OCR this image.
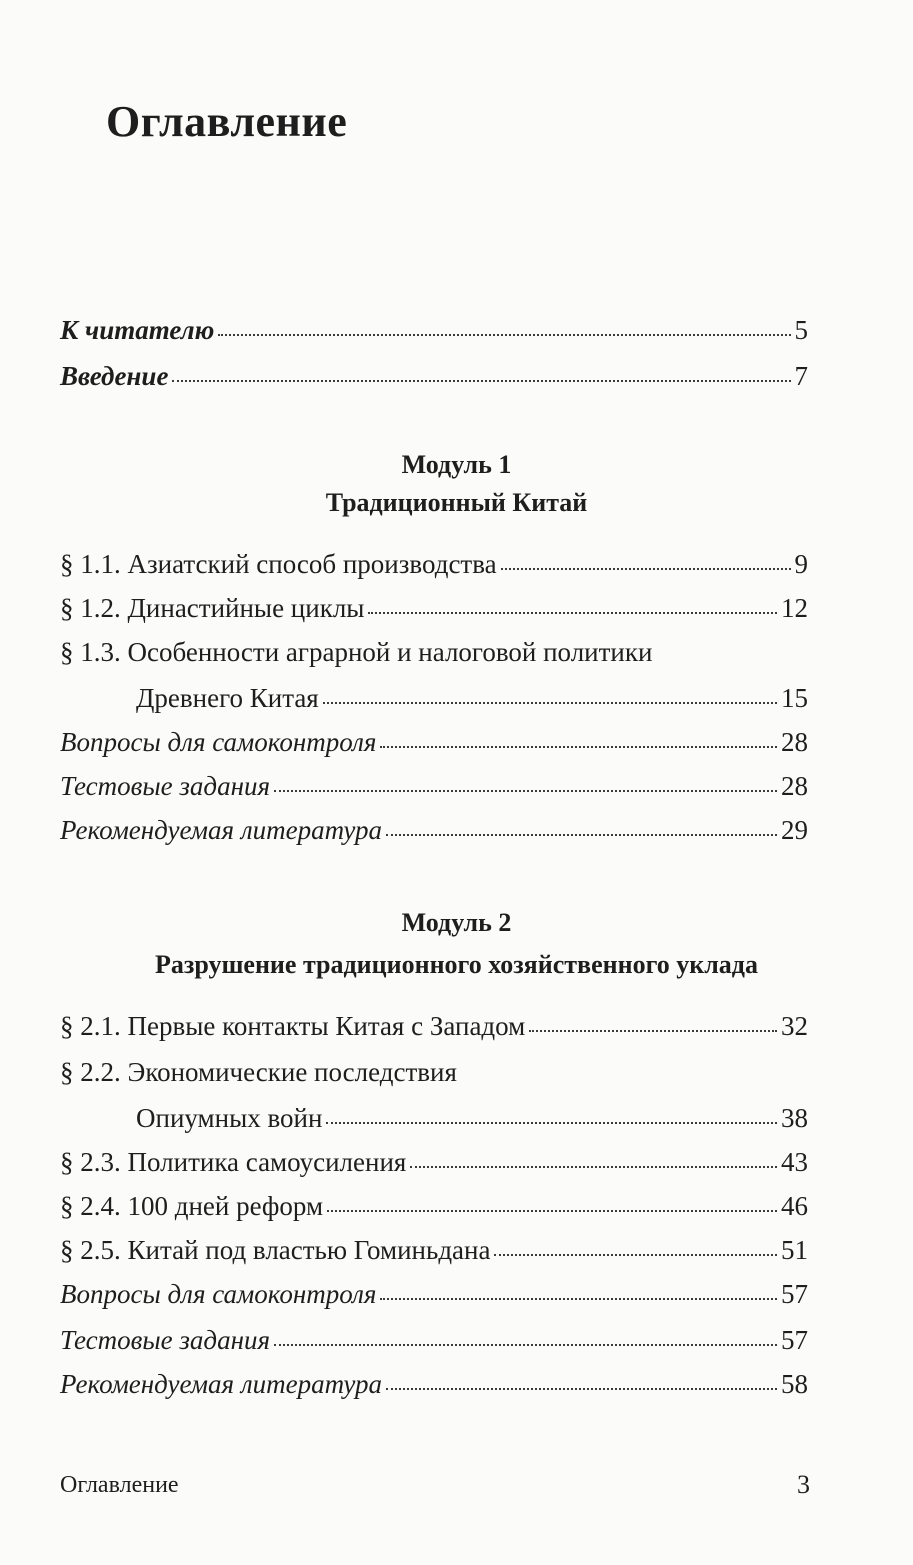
Оглавление
К читателю	5
Введение	7
Модуль 1
Традиционный Китай
§ 1.1. Азиатский способ производства	9
§ 1.2. Династийные циклы	12
§ 1.3. Особенности аграрной и налоговой политики
Древнего Китая	15
Вопросы для самоконтроля	28
Тестовые задания	28
Рекомендуемая литература	29
Модуль 2
Разрушение традиционного хозяйственного уклада
§ 2.1. Первые контакты Китая с Западом	32
§ 2.2. Экономические последствия
Опиумных войн	38
§ 2.3. Политика самоусиления	43
§ 2.4. 100 дней реформ	46
§ 2.5. Китай под властью Гоминьдана	51
Вопросы для самоконтроля	57
Тестовые задания	57
Рекомендуемая литература	58
Оглавление	3
